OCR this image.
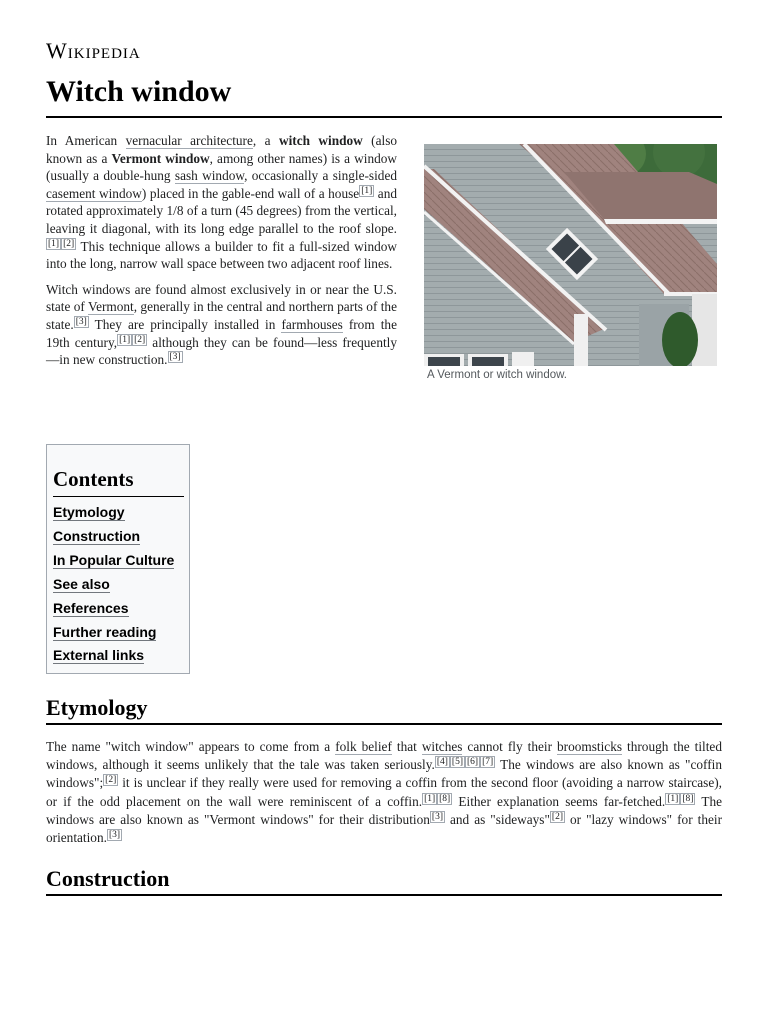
Wikipedia
Witch window

In American vernacular architecture, a witch window (also known as a Vermont window, among other names) is a window (usually a double-hung sash window, occasionally a single-sided casement window) placed in the gable-end wall of a house [1] and rotated approximately 1/8 of a turn (45 degrees) from the vertical, leaving it diagonal, with its long edge parallel to the roof slope.[1] [2] This technique allows a builder to fit a full-sized window into the long, narrow wall space between two adjacent roof lines.

Witch windows are found almost exclusively in or near the U.S. state of Vermont, generally in the central and northern parts of the state. [3] They are principally installed in farmhouses from the 19th century, [1] [2] although they can be found—less frequently—in new construction. [3]

A Vermont or witch window.
Contents
Etymology
Construction
In Popular Culture
See also
References
Further reading
External links
Etymology
The name "witch window" appears to come from a folk belief that witches cannot fly their broomsticks through the tilted windows, although it seems unlikely that the tale was taken seriously. [4] [5] [6] [7] The windows are also known as "coffin windows"; [2] it is unclear if they really were used for removing a coffin from the second floor (avoiding a narrow staircase), or if the odd placement on the wall were reminiscent of a coffin. [1] [8] Either explanation seems far-fetched. [1] [8] The windows are also known as "Vermont windows" for their distribution [3] and as "sideways" [2] or "lazy windows" for their orientation. [3]
Construction
